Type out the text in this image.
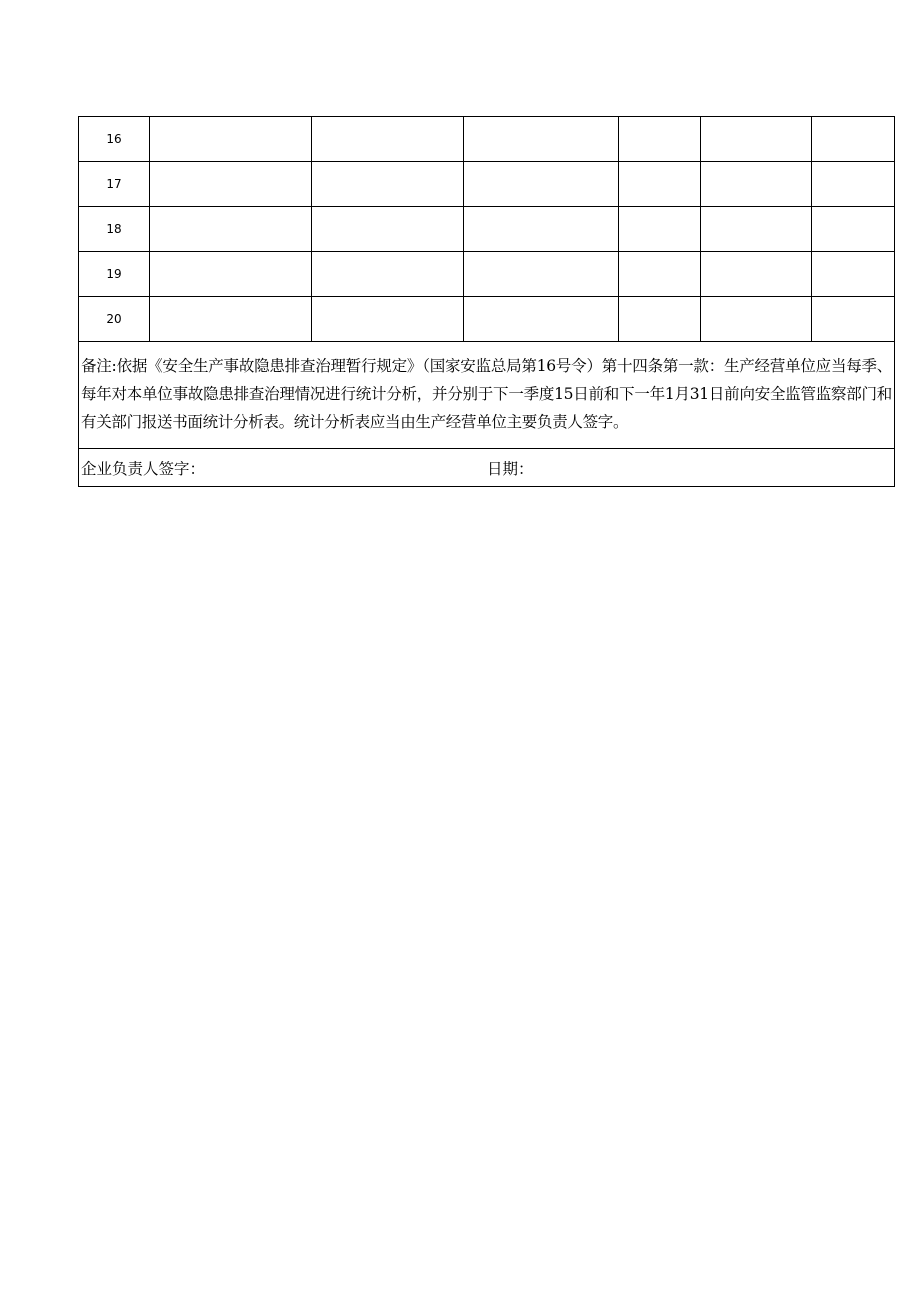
16						
17						
18						
19						
20						
备注:依据《安全生产事故隐患排查治理暂行规定》（国家安监总局第16号令）第十四条第一款：生产经营单位应当每季、每年对本单位事故隐患排查治理情况进行统计分析，并分别于下一季度15日前和下一年1月31日前向安全监管监察部门和有关部门报送书面统计分析表。统计分析表应当由生产经营单位主要负责人签字。						
企业负责人签字： 日期：						
